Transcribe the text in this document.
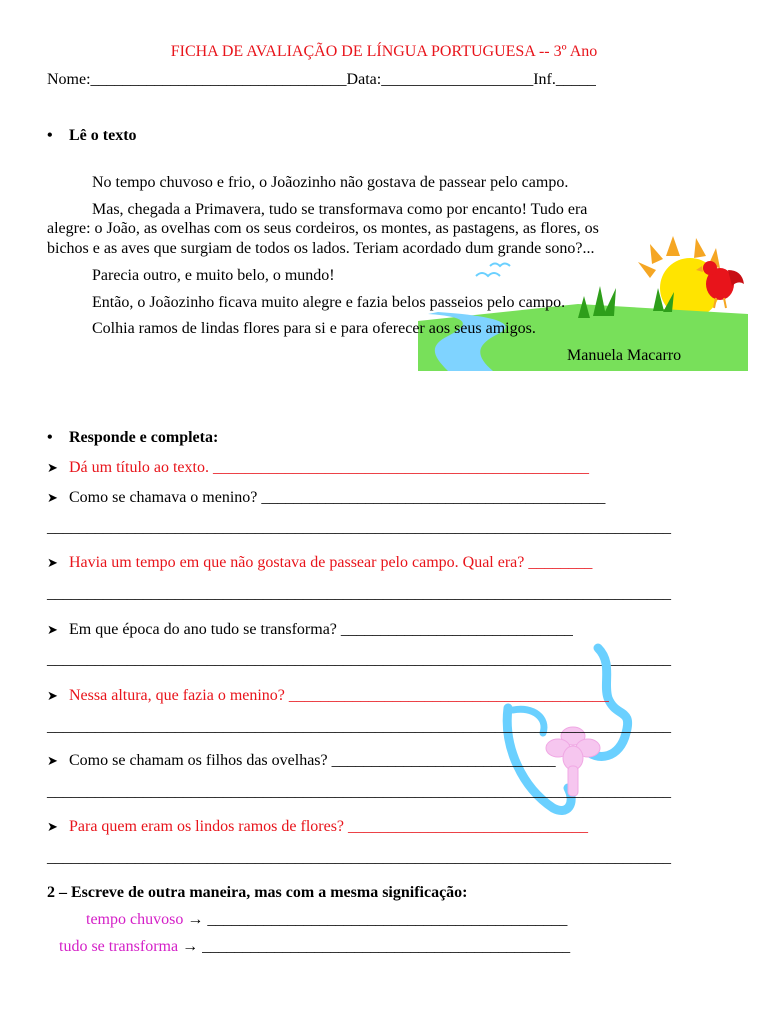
FICHA DE AVALIAÇÃO DE LÍNGUA PORTUGUESA -- 3º Ano
Nome:________________________________Data:___________________Inf._____
• Lê o texto
No tempo chuvoso e frio, o Joãozinho não gostava de passear pelo campo.
Mas, chegada a Primavera, tudo se transformava como por encanto! Tudo era
alegre: o João, as ovelhas com os seus cordeiros, os montes, as pastagens, as flores, os
bichos e as aves que surgiam de todos os lados. Teriam acordado dum grande sono?...
Parecia outro, e muito belo, o mundo!
Então, o Joãozinho ficava muito alegre e fazia belos passeios pelo campo.
Colhia ramos de lindas flores para si e para oferecer aos seus amigos.
Manuela Macarro
• Responde e completa:
➤ Dá um título ao texto. _______________________________________________
➤ Como se chamava o menino? ___________________________________________
______________________________________________________________________________
➤ Havia um tempo em que não gostava de passear pelo campo. Qual era? ________
______________________________________________________________________________
➤ Em que época do ano tudo se transforma? _____________________________
______________________________________________________________________________
➤ Nessa altura, que fazia o menino? ________________________________________
______________________________________________________________________________
➤ Como se chamam os filhos das ovelhas? ____________________________
______________________________________________________________________________
➤ Para quem eram os lindos ramos de flores? ______________________________
______________________________________________________________________________
2 – Escreve de outra maneira, mas com a mesma significação:
tempo chuvoso → _____________________________________________
tudo se transforma → ______________________________________________
